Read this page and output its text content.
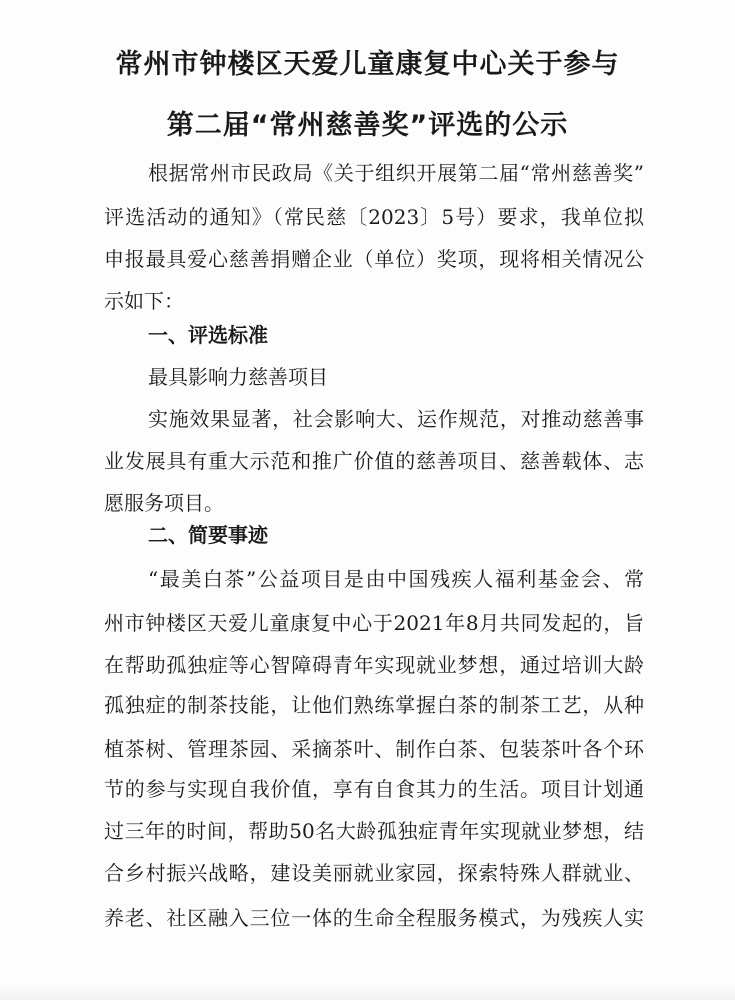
常州市钟楼区天爱儿童康复中心关于参与
第二届“常州慈善奖”评选的公示
根据常州市民政局《关于组织开展第二届“常州慈善奖”
评选活动的通知》（常民慈〔2023〕5号）要求，我单位拟
申报最具爱心慈善捐赠企业（单位）奖项，现将相关情况公
示如下：
一、评选标准
最具影响力慈善项目
实施效果显著，社会影响大、运作规范，对推动慈善事
业发展具有重大示范和推广价值的慈善项目、慈善载体、志
愿服务项目。
二、简要事迹
“最美白茶”公益项目是由中国残疾人福利基金会、常
州市钟楼区天爱儿童康复中心于2021年8月共同发起的，旨
在帮助孤独症等心智障碍青年实现就业梦想，通过培训大龄
孤独症的制茶技能，让他们熟练掌握白茶的制茶工艺，从种
植茶树、管理茶园、采摘茶叶、制作白茶、包装茶叶各个环
节的参与实现自我价值，享有自食其力的生活。项目计划通
过三年的时间，帮助50名大龄孤独症青年实现就业梦想，结
合乡村振兴战略，建设美丽就业家园，探索特殊人群就业、
养老、社区融入三位一体的生命全程服务模式，为残疾人实
